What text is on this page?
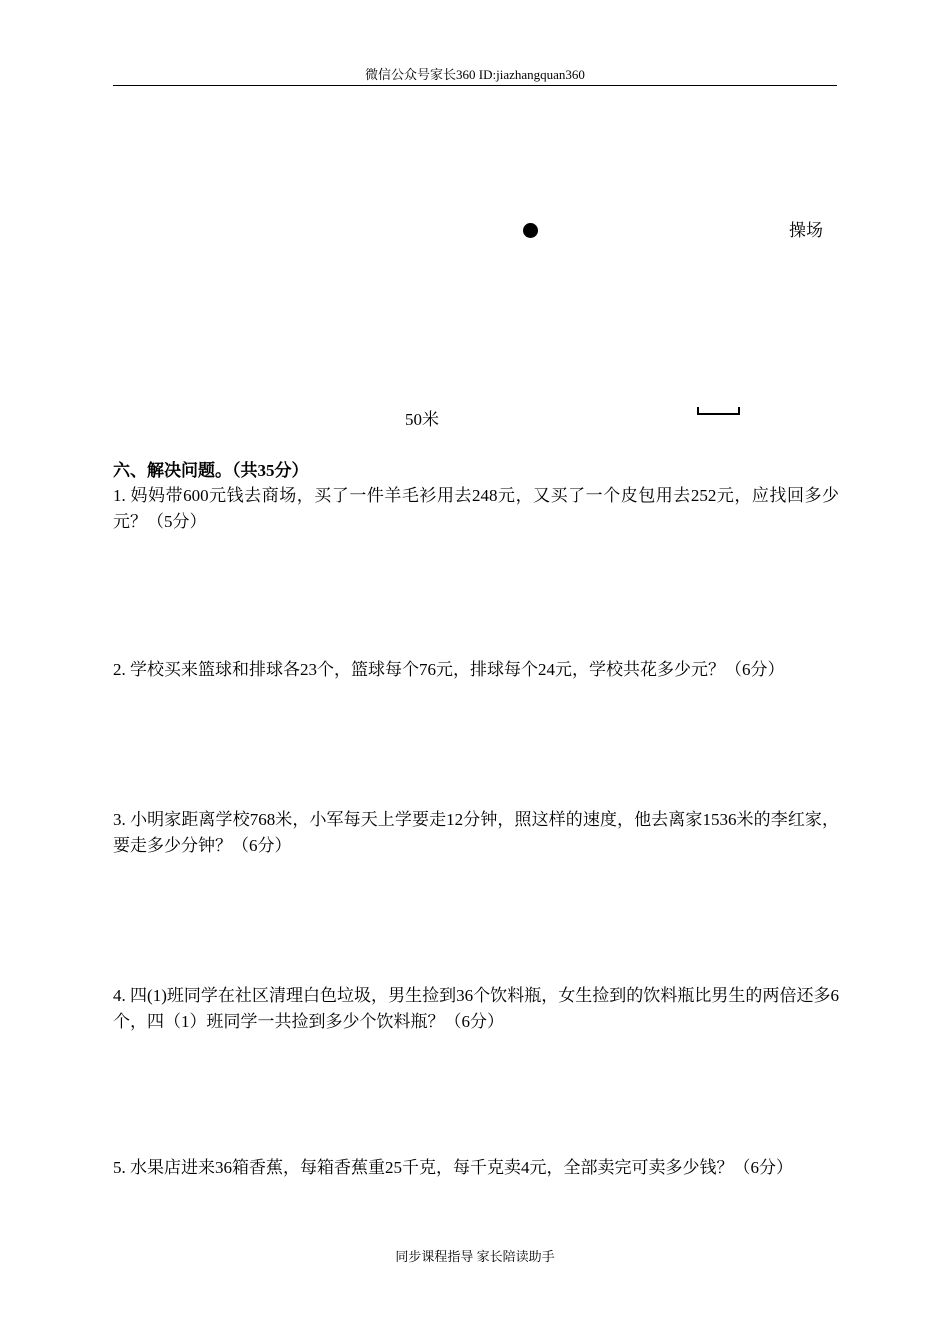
微信公众号家长360 ID:jiazhangquan360
操场
50米
六、解决问题。（共35分）
1. 妈妈带600元钱去商场，买了一件羊毛衫用去248元，又买了一个皮包用去252元，应找回多少元？（5分）
2. 学校买来篮球和排球各23个，篮球每个76元，排球每个24元，学校共花多少元？（6分）
3. 小明家距离学校768米，小军每天上学要走12分钟，照这样的速度，他去离家1536米的李红家，要走多少分钟？（6分）
4. 四(1)班同学在社区清理白色垃圾，男生捡到36个饮料瓶，女生捡到的饮料瓶比男生的两倍还多6个，四（1）班同学一共捡到多少个饮料瓶？（6分）
5. 水果店进来36箱香蕉，每箱香蕉重25千克，每千克卖4元，全部卖完可卖多少钱？（6分）
同步课程指导 家长陪读助手
